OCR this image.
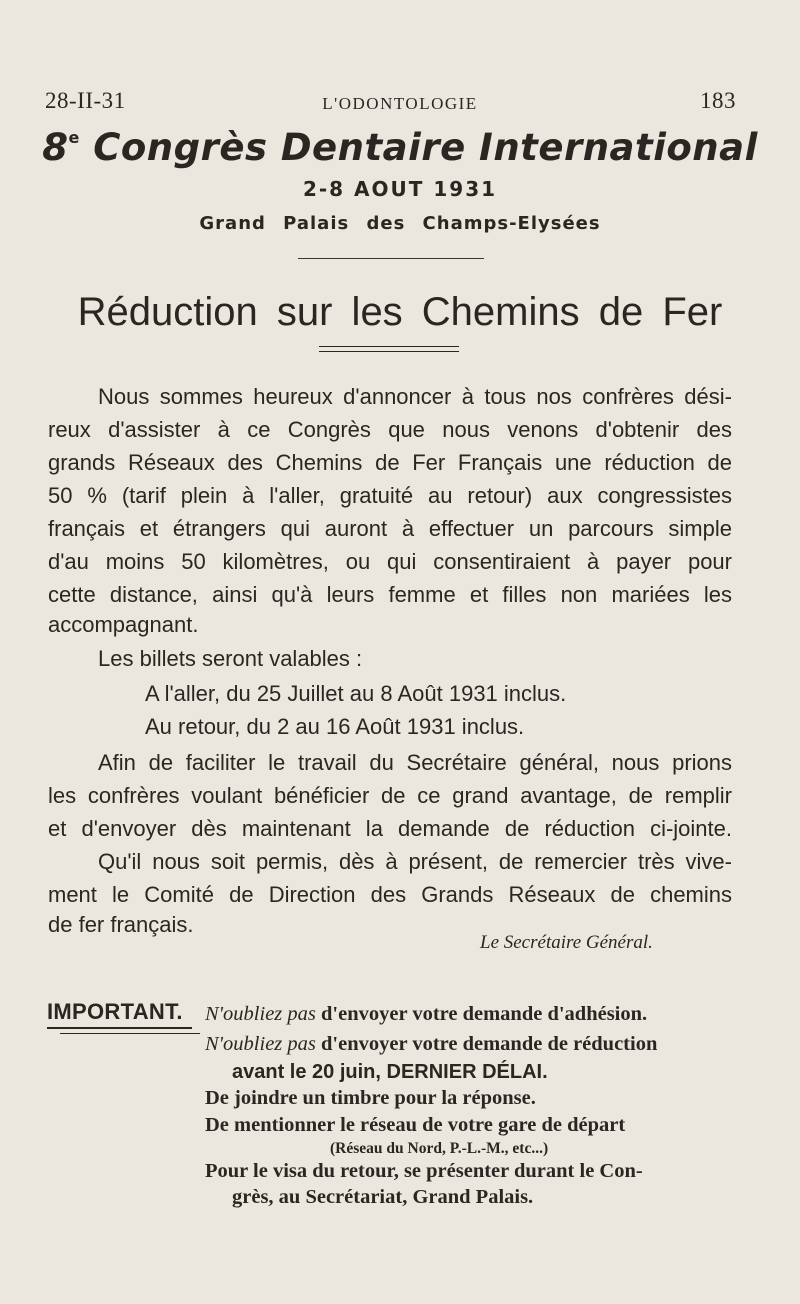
28-II-31	L'ODONTOLOGIE	183
8e Congrès Dentaire International
2-8 AOUT 1931
Grand Palais des Champs-Elysées
Réduction sur les Chemins de Fer
Nous sommes heureux d'annoncer à tous nos confrères dési-
reux d'assister à ce Congrès que nous venons d'obtenir des
grands Réseaux des Chemins de Fer Français une réduction de
50 % (tarif plein à l'aller, gratuité au retour) aux congressistes
français et étrangers qui auront à effectuer un parcours simple
d'au moins 50 kilomètres, ou qui consentiraient à payer pour
cette distance, ainsi qu'à leurs femme et filles non mariées les
accompagnant.
Les billets seront valables :
A l'aller, du 25 Juillet au 8 Août 1931 inclus.
Au retour, du 2 au 16 Août 1931 inclus.
Afin de faciliter le travail du Secrétaire général, nous prions
les confrères voulant bénéficier de ce grand avantage, de remplir
et d'envoyer dès maintenant la demande de réduction ci-jointe.
Qu'il nous soit permis, dès à présent, de remercier très vive-
ment le Comité de Direction des Grands Réseaux de chemins
de fer français.
Le Secrétaire Général.
IMPORTANT. N'oubliez pas d'envoyer votre demande d'adhésion.
N'oubliez pas d'envoyer votre demande de réduction
avant le 20 juin, DERNIER DÉLAI.
De joindre un timbre pour la réponse.
De mentionner le réseau de votre gare de départ
(Réseau du Nord, P.-L.-M., etc...)
Pour le visa du retour, se présenter durant le Con-
grès, au Secrétariat, Grand Palais.
